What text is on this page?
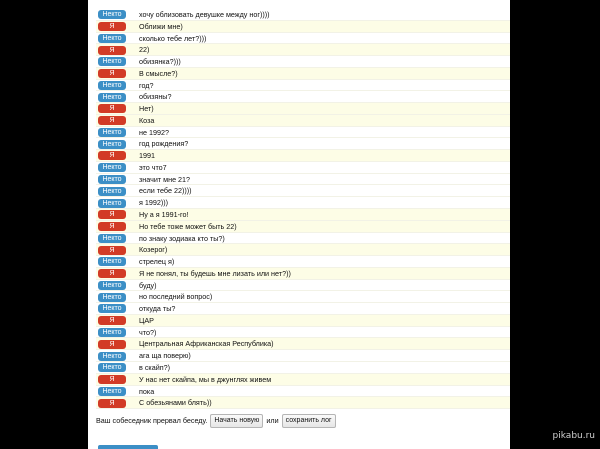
Некто	хочу облизовать девушке между ног))))
Я	Оближи мне)
Некто	сколько тебе лет?)))
Я	22)
Некто	обизянка?)))
Я	В смысле?)
Некто	год?
Некто	обизяны?
Я	Нет)
Я	Коза
Некто	не 1992?
Некто	год рождения?
Я	1991
Некто	это что7
Некто	значит мне 21?
Некто	если тебе 22))))
Некто	я 1992)))
Я	Ну а я 1991-го!
Я	Но тебе тоже может быть 22)
Некто	по знаку зодиака кто ты?)
Я	Козерог)
Некто	стрелец я)
Я	Я не понял, ты будешь мне лизать или нет?))
Некто	буду)
Некто	но последний вопрос)
Некто	откуда ты?
Я	ЦАР
Некто	что?)
Я	Центральная Африканская Республика)
Некто	ага ща поверю)
Некто	в скайп?)
Я	У нас нет скайпа, мы в джунглях живем
Некто	пока
Я	С обезьянами блять))
Ваш собеседник прервал беседу. Начать новую или сохранить лог
pikabu.ru
